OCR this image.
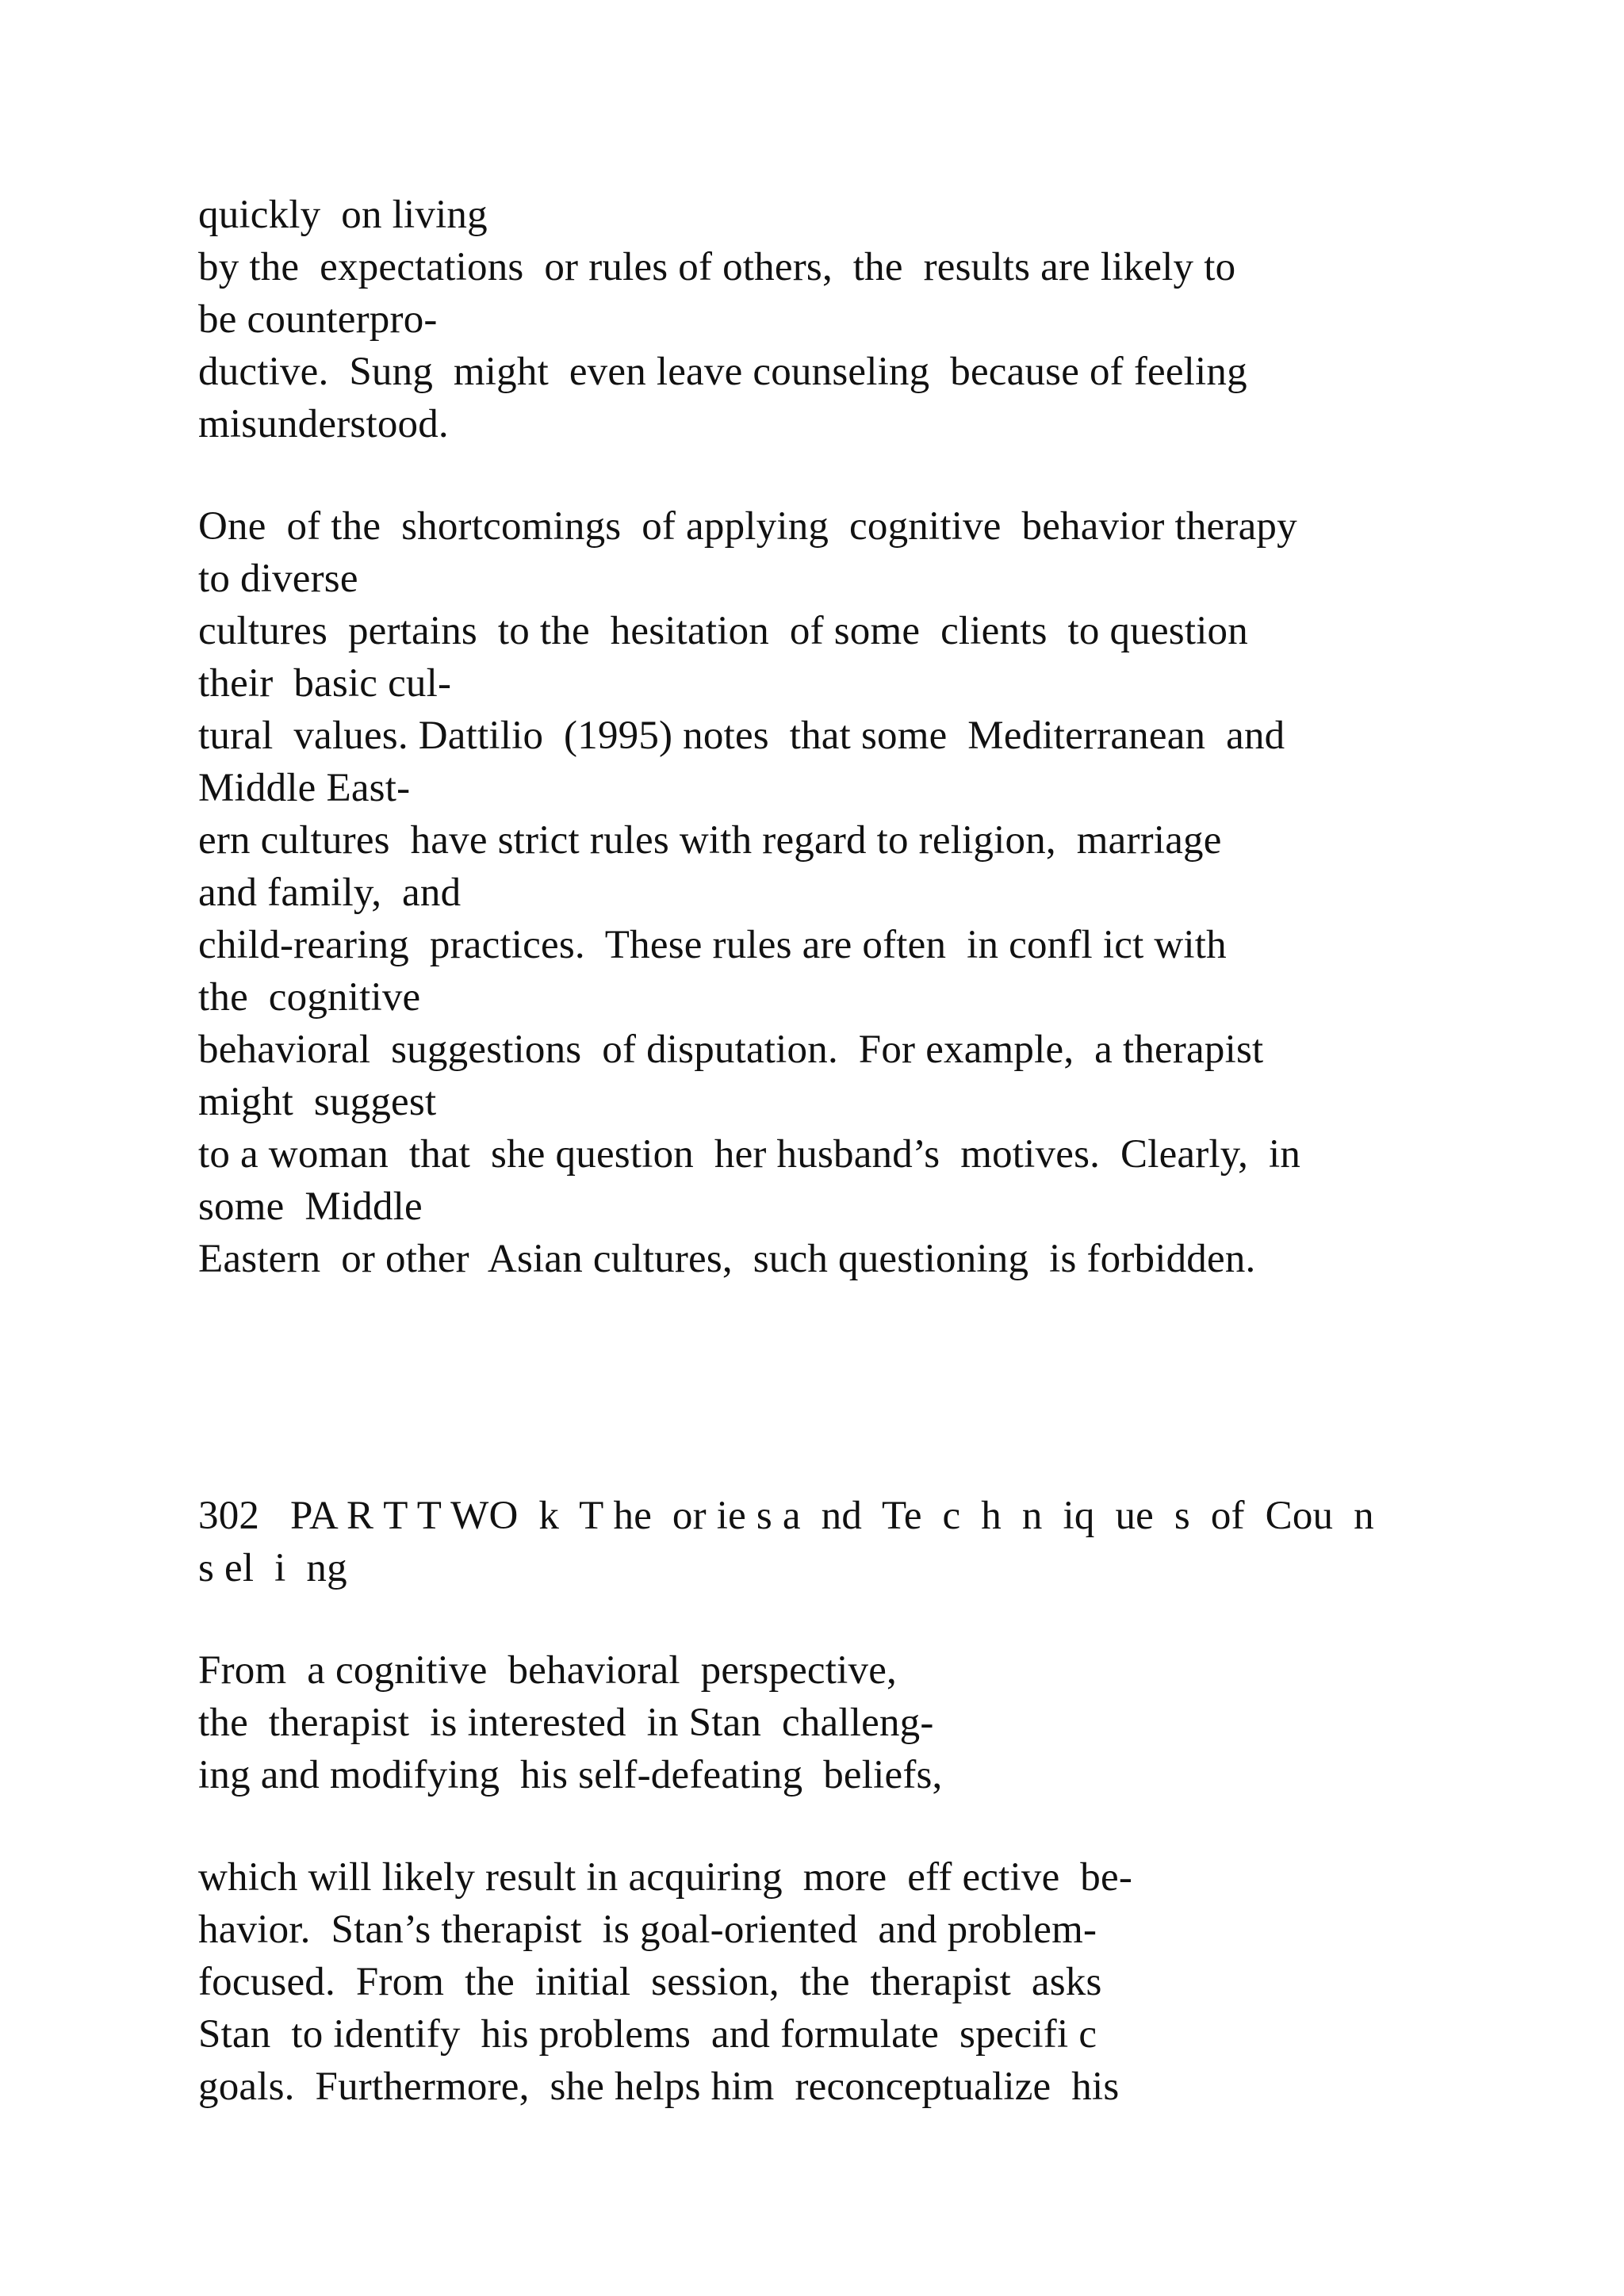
quickly  on living
by the  expectations  or rules of others,  the  results are likely to
be counterpro-
ductive.  Sung  might  even leave counseling  because of feeling
misunderstood.
One  of the  shortcomings  of applying  cognitive  behavior therapy
to diverse
cultures  pertains  to the  hesitation  of some  clients  to question
their  basic cul-
tural  values. Dattilio  (1995) notes  that some  Mediterranean  and
Middle East-
ern cultures  have strict rules with regard to religion,  marriage
and family,  and
child-rearing  practices.  These rules are often  in confl ict with
the  cognitive
behavioral  suggestions  of disputation.  For example,  a therapist
might  suggest
to a woman  that  she question  her husband’s  motives.  Clearly,  in
some  Middle
Eastern  or other  Asian cultures,  such questioning  is forbidden.
302   PA R T T WO  k  T he  or ie s a  nd  Te  c  h  n  iq  ue  s  of  Cou  n
s el  i  ng
From  a cognitive  behavioral  perspective,
the  therapist  is interested  in Stan  challeng-
ing and modifying  his self-defeating  beliefs,
which will likely result in acquiring  more  eff ective  be-
havior.  Stan’s therapist  is goal-oriented  and problem-
focused.  From  the  initial  session,  the  therapist  asks
Stan  to identify  his problems  and formulate  specifi c
goals.  Furthermore,  she helps him  reconceptualize  his
